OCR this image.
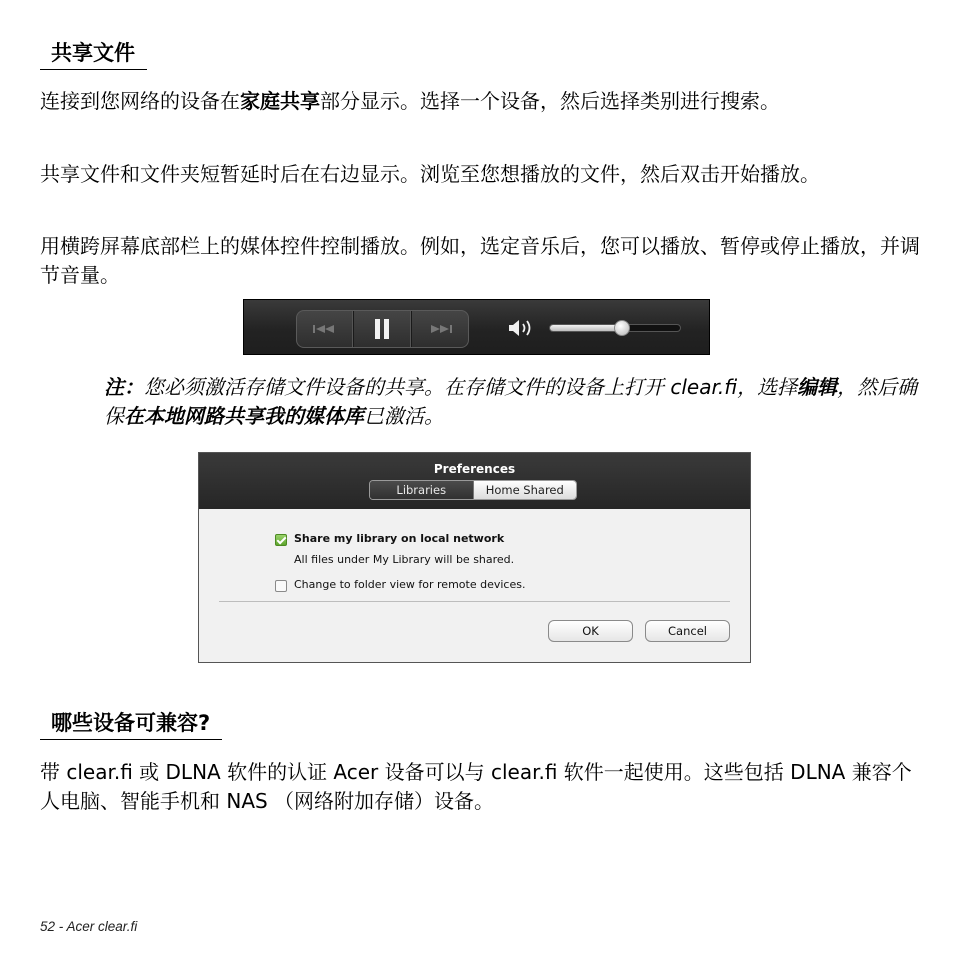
共享文件
连接到您网络的设备在家庭共享部分显示。选择一个设备，然后选择类别进行搜索。
共享文件和文件夹短暂延时后在右边显示。浏览至您想播放的文件，然后双击开始播放。
用横跨屏幕底部栏上的媒体控件控制播放。例如，选定音乐后，您可以播放、暂停或停止播放，并调节音量。
注：您必须激活存储文件设备的共享。在存储文件的设备上打开 clear.fi，选择编辑，然后确保在本地网路共享我的媒体库已激活。
Preferences
Libraries	Home Shared
Share my library on local network
All files under My Library will be shared.
Change to folder view for remote devices.
OK	Cancel
哪些设备可兼容?
带 clear.fi 或 DLNA 软件的认证 Acer 设备可以与 clear.fi 软件一起使用。这些包括 DLNA 兼容个人电脑、智能手机和 NAS （网络附加存储）设备。
52 - Acer clear.fi
